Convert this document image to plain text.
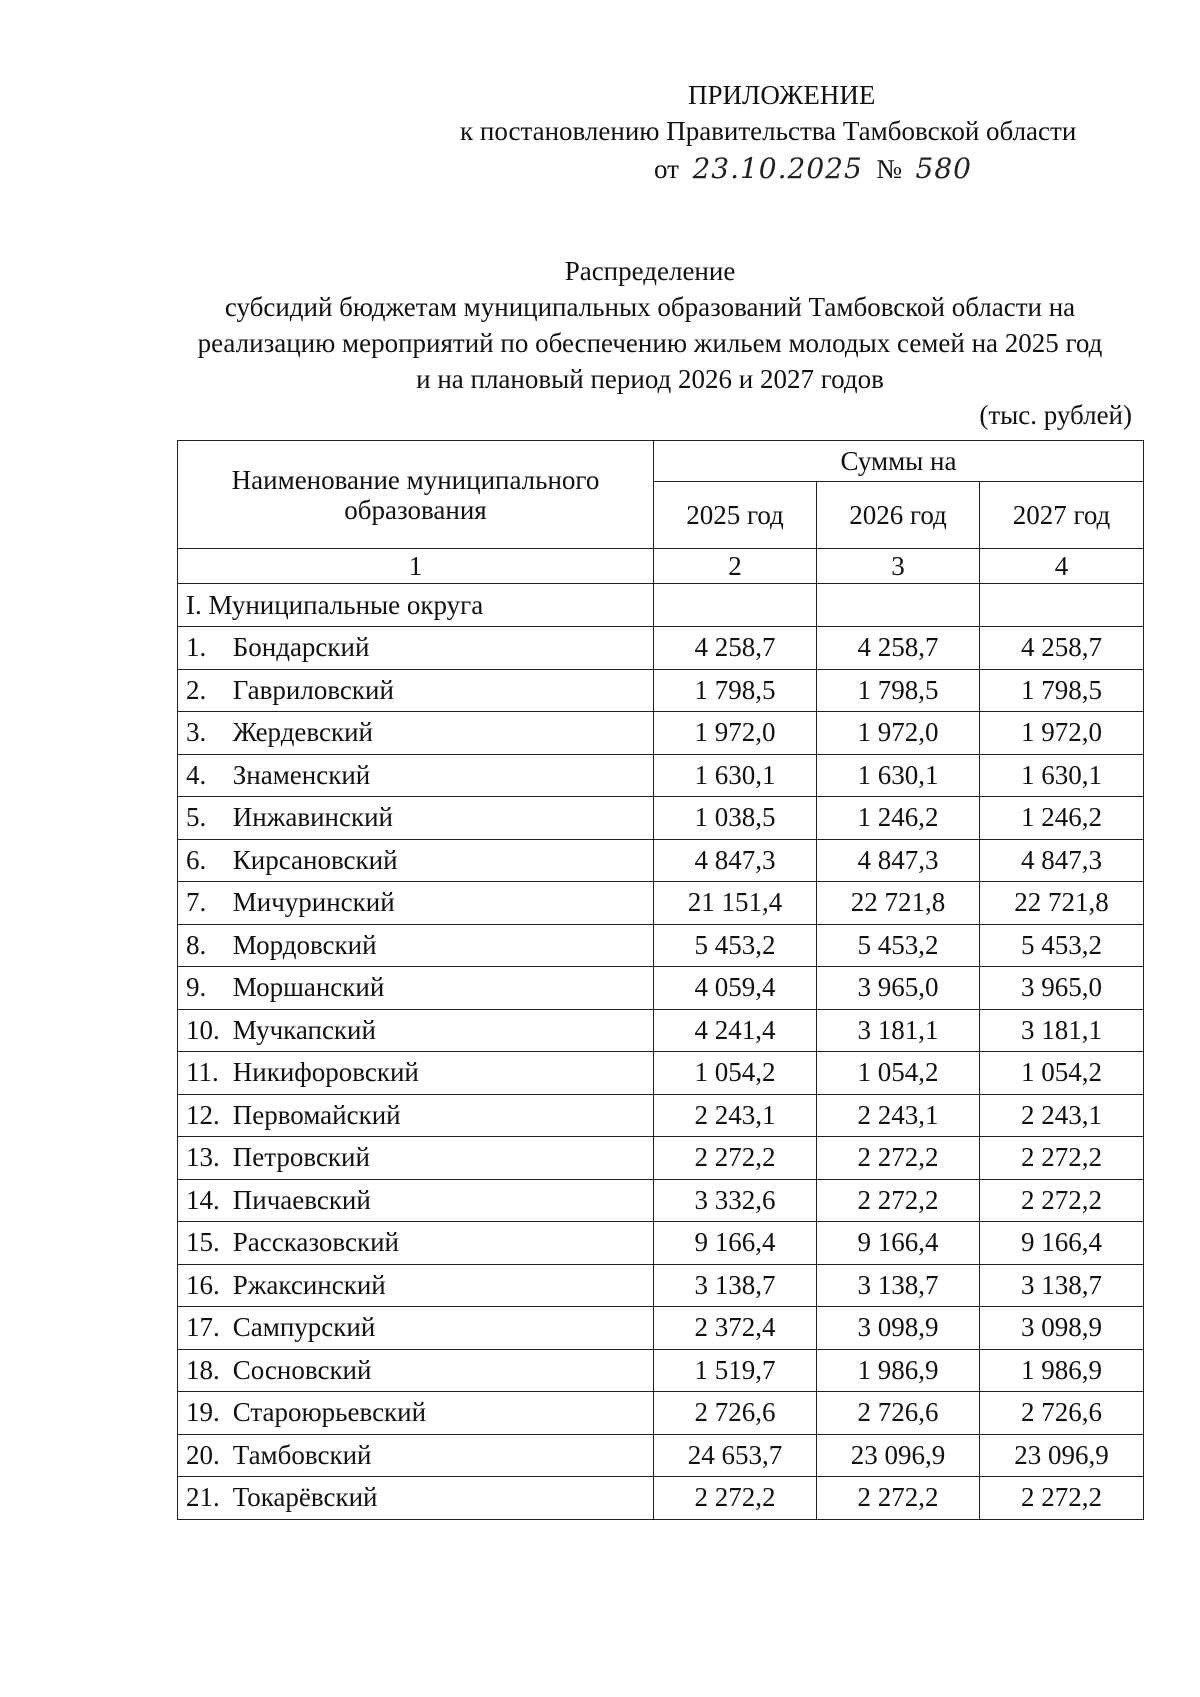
ПРИЛОЖЕНИЕ
к постановлению Правительства Тамбовской области
от 23.10.2025 № 580
Распределение
субсидий бюджетам муниципальных образований Тамбовской области на
реализацию мероприятий по обеспечению жильем молодых семей на 2025 год
и на плановый период 2026 и 2027 годов
(тыс. рублей)
Наименование муниципального образования	Суммы на		
	2025 год	2026 год	2027 год
1	2	3	4
I. Муниципальные округа			
1. Бондарский	4 258,7	4 258,7	4 258,7
2. Гавриловский	1 798,5	1 798,5	1 798,5
3. Жердевский	1 972,0	1 972,0	1 972,0
4. Знаменский	1 630,1	1 630,1	1 630,1
5. Инжавинский	1 038,5	1 246,2	1 246,2
6. Кирсановский	4 847,3	4 847,3	4 847,3
7. Мичуринский	21 151,4	22 721,8	22 721,8
8. Мордовский	5 453,2	5 453,2	5 453,2
9. Моршанский	4 059,4	3 965,0	3 965,0
10. Мучкапский	4 241,4	3 181,1	3 181,1
11. Никифоровский	1 054,2	1 054,2	1 054,2
12. Первомайский	2 243,1	2 243,1	2 243,1
13. Петровский	2 272,2	2 272,2	2 272,2
14. Пичаевский	3 332,6	2 272,2	2 272,2
15. Рассказовский	9 166,4	9 166,4	9 166,4
16. Ржаксинский	3 138,7	3 138,7	3 138,7
17. Сампурский	2 372,4	3 098,9	3 098,9
18. Сосновский	1 519,7	1 986,9	1 986,9
19. Староюрьевский	2 726,6	2 726,6	2 726,6
20. Тамбовский	24 653,7	23 096,9	23 096,9
21. Токарёвский	2 272,2	2 272,2	2 272,2
